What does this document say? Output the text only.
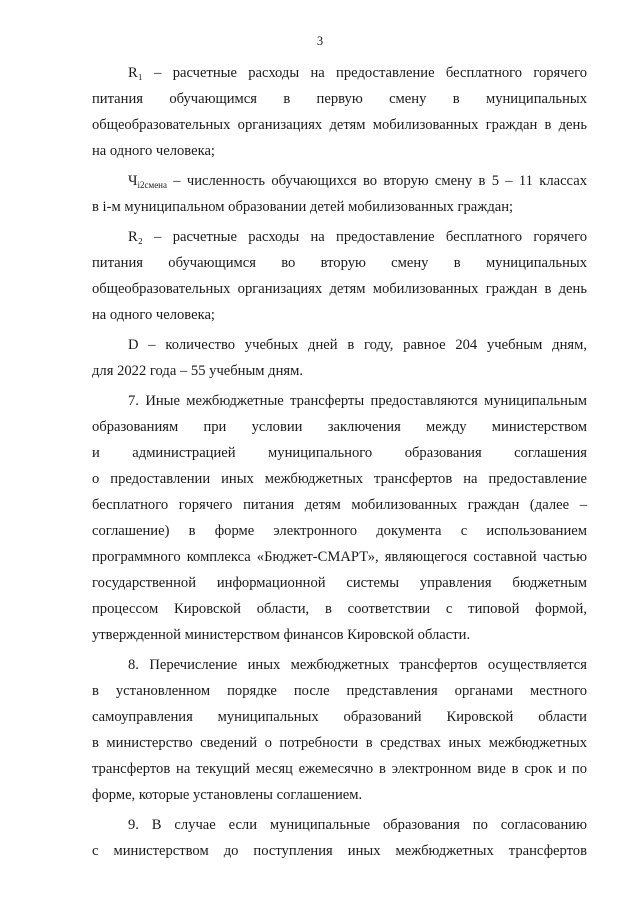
3
R₁ – расчетные расходы на предоставление бесплатного горячего
питания обучающимся в первую смену в муниципальных
общеобразовательных организациях детям мобилизованных граждан в день
на одного человека;
$Ч_{i2смена}$ – численность обучающихся во вторую смену в 5 – 11 классах
в i-м муниципальном образовании детей мобилизованных граждан;
R₂ – расчетные расходы на предоставление бесплатного горячего
питания обучающимся во вторую смену в муниципальных
общеобразовательных организациях детям мобилизованных граждан в день
на одного человека;
D – количество учебных дней в году, равное 204 учебным дням,
для 2022 года – 55 учебным дням.
7. Иные межбюджетные трансферты предоставляются муниципальным
образованиям при условии заключения между министерством
и администрацией муниципального образования соглашения
о предоставлении иных межбюджетных трансфертов на предоставление
бесплатного горячего питания детям мобилизованных граждан (далее –
соглашение) в форме электронного документа с использованием
программного комплекса «Бюджет-СМАРТ», являющегося составной частью
государственной информационной системы управления бюджетным
процессом Кировской области, в соответствии с типовой формой,
утвержденной министерством финансов Кировской области.
8. Перечисление иных межбюджетных трансфертов осуществляется
в установленном порядке после представления органами местного
самоуправления муниципальных образований Кировской области
в министерство сведений о потребности в средствах иных межбюджетных
трансфертов на текущий месяц ежемесячно в электронном виде в срок и по
форме, которые установлены соглашением.
9. В случае если муниципальные образования по согласованию
с министерством до поступления иных межбюджетных трансфертов
